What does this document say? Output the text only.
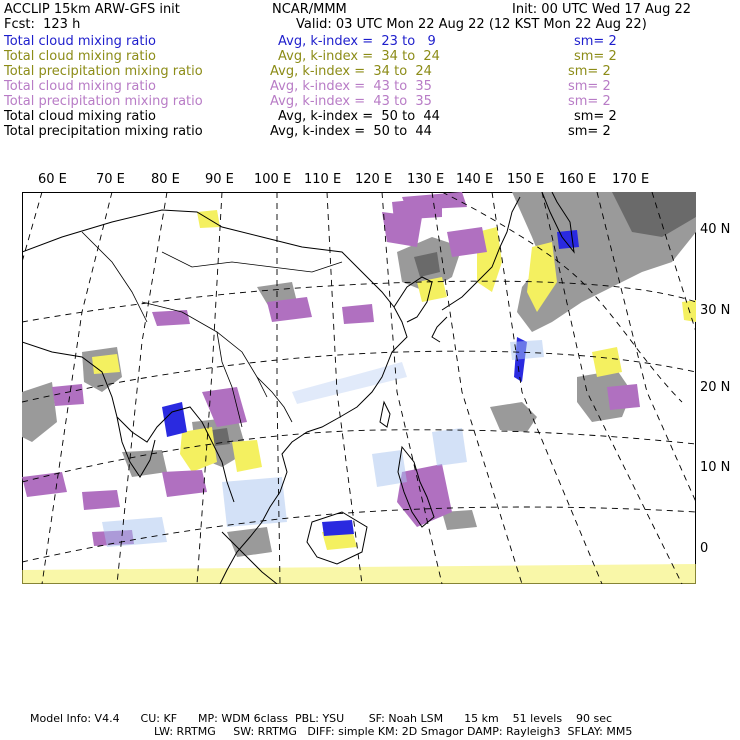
ACCLIP 15km ARW-GFS init	NCAR/MMM	Init: 00 UTC Wed 17 Aug 22
Fcst:  123 h	Valid: 03 UTC Mon 22 Aug 22 (12 KST Mon 22 Aug 22)
Total cloud mixing ratio	Avg, k-index =  23 to   9	sm= 2
Total cloud mixing ratio	Avg, k-index =  34 to  24	sm= 2
Total precipitation mixing ratio	Avg, k-index =  34 to  24	sm= 2
Total cloud mixing ratio	Avg, k-index =  43 to  35	sm= 2
Total precipitation mixing ratio	Avg, k-index =  43 to  35	sm= 2
Total cloud mixing ratio	Avg, k-index =  50 to  44	sm= 2
Total precipitation mixing ratio	Avg, k-index =  50 to  44	sm= 2
60 E 70 E 80 E 90 E 100 E 110 E 120 E 130 E 140 E 150 E 160 E 170 E
40 N
30 N
20 N
10 N
0
Model Info: V4.4      CU: KF      MP: WDM 6class  PBL: YSU       SF: Noah LSM      15 km    51 levels    90 sec
LW: RRTMG     SW: RRTMG   DIFF: simple KM: 2D Smagor DAMP: Rayleigh3  SFLAY: MM5
